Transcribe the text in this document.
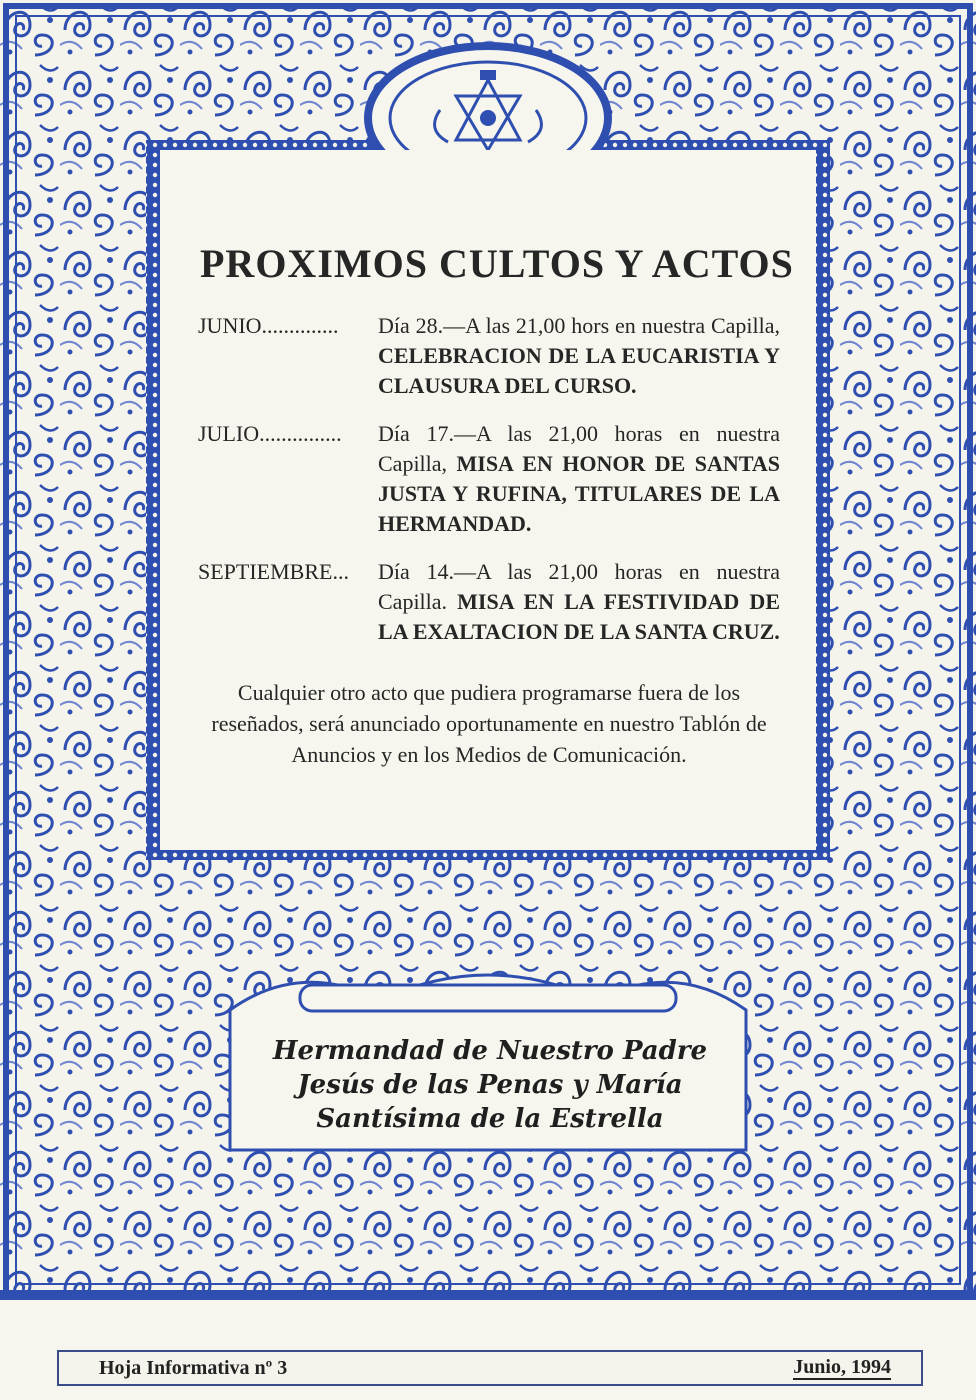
PROXIMOS CULTOS Y ACTOS
JUNIO..............	Día 28.—A las 21,00 hors en nuestra Capilla, CELEBRACION DE LA EUCARISTIA Y CLAUSURA DEL CURSO.
JULIO...............	Día 17.—A las 21,00 horas en nuestra Capilla, MISA EN HONOR DE SANTAS JUSTA Y RUFINA, TITULARES DE LA HERMANDAD.
SEPTIEMBRE...	Día 14.—A las 21,00 horas en nuestra Capilla. MISA EN LA FESTIVIDAD DE LA EXALTACION DE LA SANTA CRUZ.
Cualquier otro acto que pudiera programarse fuera de los reseñados, será anunciado oportunamente en nuestro Tablón de Anuncios y en los Medios de Comunicación.
Hermandad de Nuestro Padre
Jesús de las Penas y María
Santísima de la Estrella
Hoja Informativa nº 3	Junio, 1994
